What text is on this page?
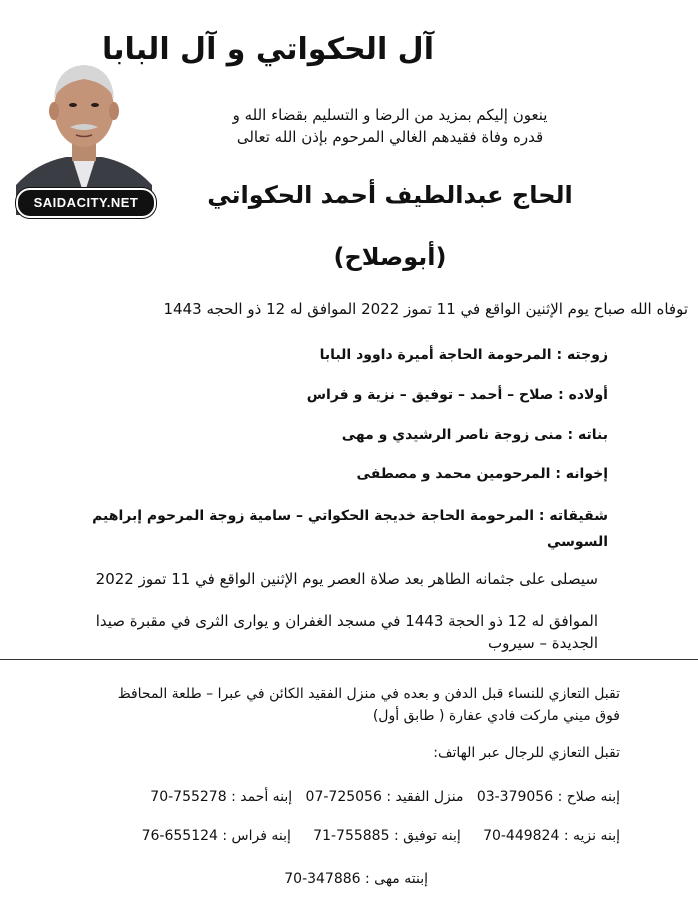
SAIDACITY.NET
آل الحكواتي و آل البابا
ينعون إليكم بمزيد من الرضا و التسليم بقضاء الله و
قدره وفاة فقيدهم الغالي المرحوم بإذن الله تعالى
الحاج عبدالطيف أحمد الحكواتي
(أبوصلاح)
توفاه الله صباح يوم الإثنين الواقع في 11 تموز 2022 الموافق له 12 ذو الحجه 1443
زوجته : المرحومة الحاجة أميرة داوود البابا
أولاده : صلاح – أحمد – توفيق – نزية و فراس
بناته : منى زوجة ناصر الرشيدي و مهى
إخوانه : المرحومين محمد و مصطفى
شقيقاته : المرحومة الحاجة خديجة الحكواتي – سامية زوجة المرحوم إبراهيم
السوسي
سيصلى على جثمانه الطاهر بعد صلاة العصر يوم الإثنين الواقع في 11 تموز 2022
الموافق له 12 ذو الحجة 1443 في مسجد الغفران و يوارى الثرى في مقبرة صيدا
الجديدة – سيروب
تقبل التعازي للنساء قبل الدفن و بعده في منزل الفقيد الكائن في عبرا – طلعة المحافظ
فوق ميني ماركت فادي عفارة ( طابق أول)
تقبل التعازي للرجال عبر الهاتف:
إبنه صلاح : 03-379056   منزل الفقيد : 07-725056   إبنه أحمد : 70-755278
إبنه نزيه : 70-449824     إبنه توفيق : 71-755885     إبنه فراس : 76-655124
إبنته مهى : 70-347886
